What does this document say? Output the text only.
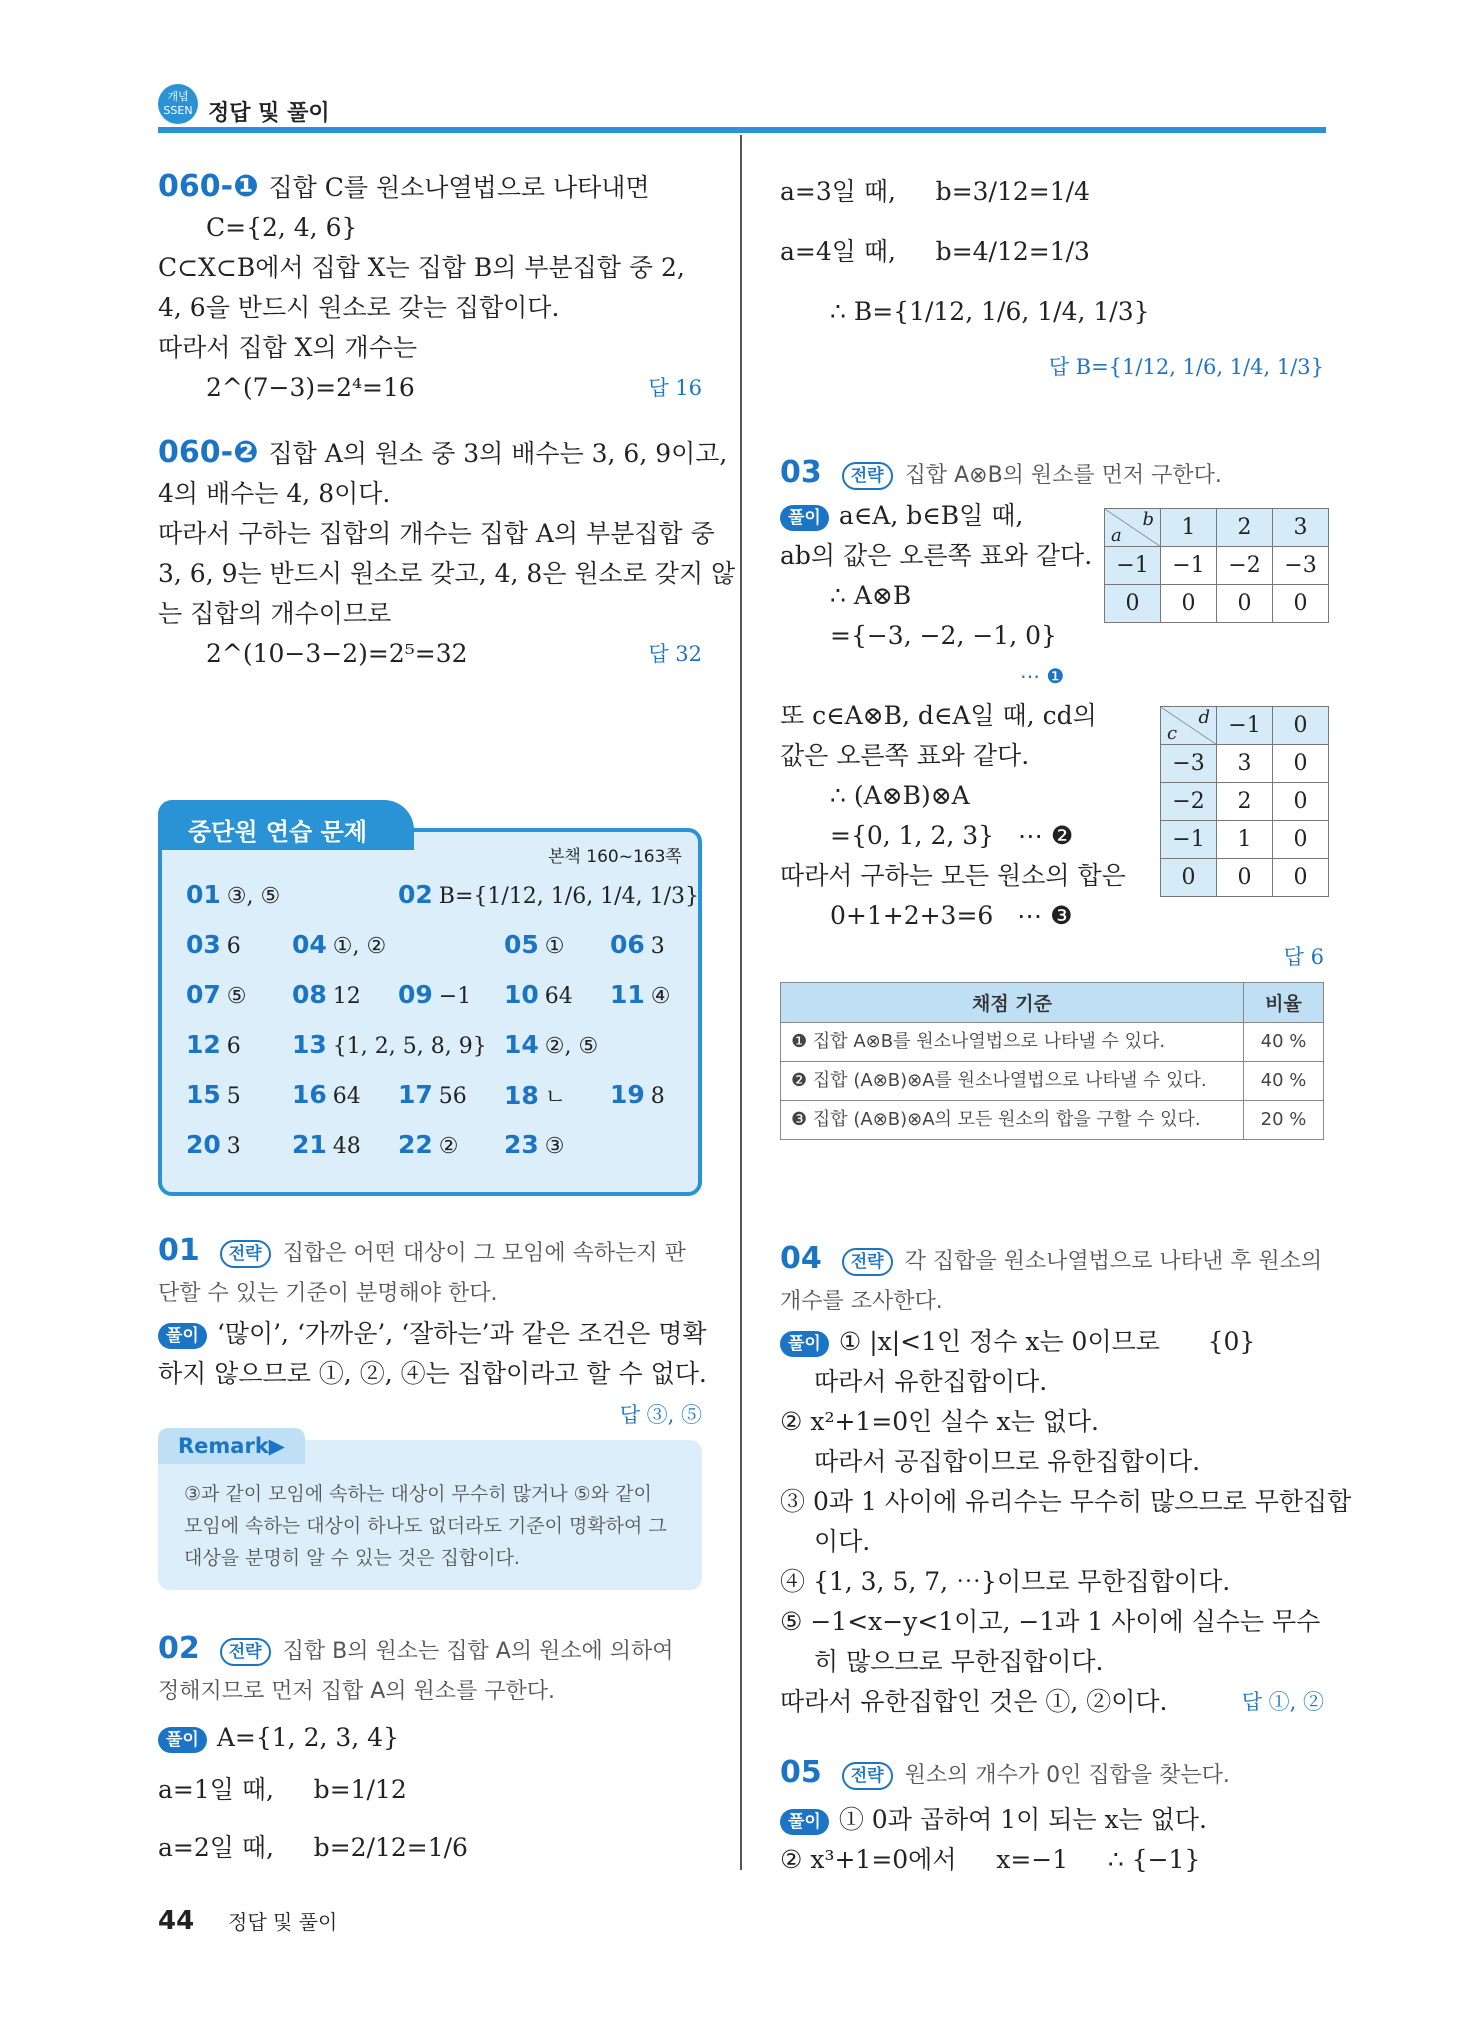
개념
SSEN 정답 및 풀이
060-❶ 집합 C를 원소나열법으로 나타내면
C={2, 4, 6}
C⊂X⊂B에서 집합 X는 집합 B의 부분집합 중 2,
4, 6을 반드시 원소로 갖는 집합이다.
따라서 집합 X의 개수는
2^(7−3)=2⁴=16	답 16
060-❷ 집합 A의 원소 중 3의 배수는 3, 6, 9이고,
4의 배수는 4, 8이다.
따라서 구하는 집합의 개수는 집합 A의 부분집합 중
3, 6, 9는 반드시 원소로 갖고, 4, 8은 원소로 갖지 않
는 집합의 개수이므로
2^(10−3−2)=2⁵=32	답 32
중단원 연습 문제
본책 160~163쪽
01 ③, ⑤	02 B={1/12, 1/6, 1/4, 1/3}
03 6 04 ①, ②	05 ① 06 3
07 ⑤ 08 12 09 −1 10 64 11 ④
12 6 13 {1, 2, 5, 8, 9} 14 ②, ⑤
15 5 16 64 17 56 18 ㄴ 19 8
20 3 21 48 22 ② 23 ③
01 전략 집합은 어떤 대상이 그 모임에 속하는지 판
단할 수 있는 기준이 분명해야 한다.
풀이 ‘많이’, ‘가까운’, ‘잘하는’과 같은 조건은 명확
하지 않으므로 ①, ②, ④는 집합이라고 할 수 없다.
답 ③, ⑤
Remark▶
③과 같이 모임에 속하는 대상이 무수히 많거나 ⑤와 같이
모임에 속하는 대상이 하나도 없더라도 기준이 명확하여 그
대상을 분명히 알 수 있는 것은 집합이다.
02 전략 집합 B의 원소는 집합 A의 원소에 의하여
정해지므로 먼저 집합 A의 원소를 구한다.
풀이 A={1, 2, 3, 4}
a=1일 때,     b=1/12
a=2일 때,     b=2/12=1/6
a=3일 때,     b=3/12=1/4
a=4일 때,     b=4/12=1/3
∴ B={1/12, 1/6, 1/4, 1/3}
답 B={1/12, 1/6, 1/4, 1/3}
03 전략 집합 A⊗B의 원소를 먼저 구한다.
풀이 a∈A, b∈B일 때,
ab의 값은 오른쪽 표와 같다.
∴ A⊗B
={−3, −2, −1, 0}
⋯ ❶
또 c∈A⊗B, d∈A일 때, cd의
값은 오른쪽 표와 같다.
∴ (A⊗B)⊗A
={0, 1, 2, 3}   ⋯ ❷
따라서 구하는 모든 원소의 합은
0+1+2+3=6   ⋯ ❸
답 6
b
a	1	2	3
−1	−1	−2	−3
0	0	0	0
d
c	−1	0
−3	3	0
−2	2	0
−1	1	0
0	0	0
채점 기준	비율
❶ 집합 A⊗B를 원소나열법으로 나타낼 수 있다.	40 %
❷ 집합 (A⊗B)⊗A를 원소나열법으로 나타낼 수 있다.	40 %
❸ 집합 (A⊗B)⊗A의 모든 원소의 합을 구할 수 있다.	20 %
04 전략 각 집합을 원소나열법으로 나타낸 후 원소의
개수를 조사한다.
풀이 ① |x|<1인 정수 x는 0이므로      {0}
따라서 유한집합이다.
② x²+1=0인 실수 x는 없다.
따라서 공집합이므로 유한집합이다.
③ 0과 1 사이에 유리수는 무수히 많으므로 무한집합
이다.
④ {1, 3, 5, 7, ⋯}이므로 무한집합이다.
⑤ −1<x−y<1이고, −1과 1 사이에 실수는 무수
히 많으므로 무한집합이다.
따라서 유한집합인 것은 ①, ②이다.	답 ①, ②
05 전략 원소의 개수가 0인 집합을 찾는다.
풀이 ① 0과 곱하여 1이 되는 x는 없다.
② x³+1=0에서     x=−1     ∴ {−1}
44 정답 및 풀이
